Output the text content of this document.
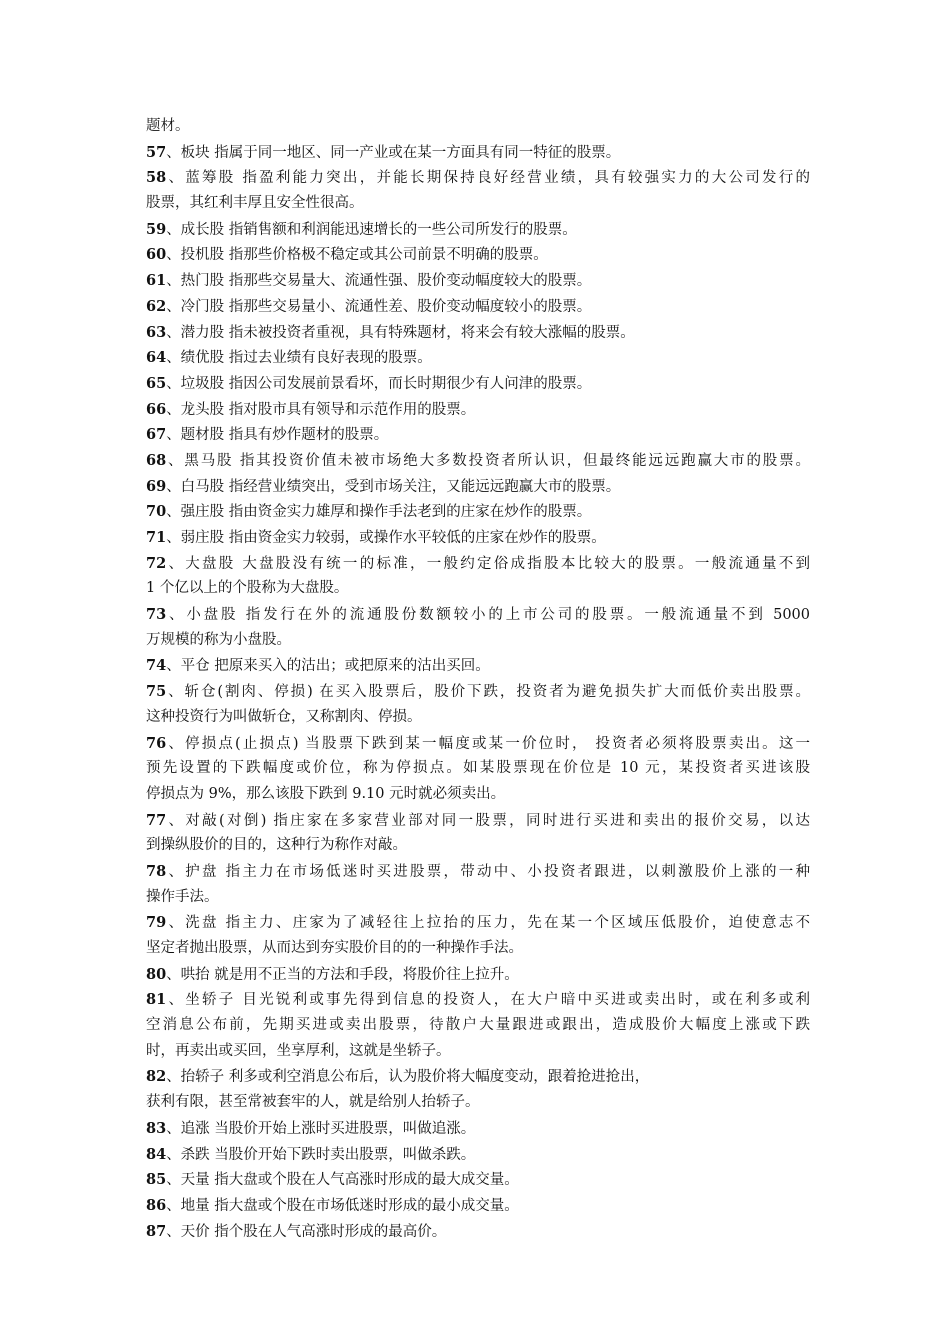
题材。
57、板块 指属于同一地区、同一产业或在某一方面具有同一特征的股票。
58、蓝筹股 指盈利能力突出，并能长期保持良好经营业绩，具有较强实力的大公司发行的
股票，其红利丰厚且安全性很高。
59、成长股 指销售额和利润能迅速增长的一些公司所发行的股票。
60、投机股 指那些价格极不稳定或其公司前景不明确的股票。
61、热门股 指那些交易量大、流通性强、股价变动幅度较大的股票。
62、冷门股 指那些交易量小、流通性差、股价变动幅度较小的股票。
63、潜力股 指未被投资者重视，具有特殊题材，将来会有较大涨幅的股票。
64、绩优股 指过去业绩有良好表现的股票。
65、垃圾股 指因公司发展前景看坏，而长时期很少有人问津的股票。
66、龙头股 指对股市具有领导和示范作用的股票。
67、题材股 指具有炒作题材的股票。
68、黑马股 指其投资价值未被市场绝大多数投资者所认识，但最终能远远跑赢大市的股票。
69、白马股 指经营业绩突出，受到市场关注，又能远远跑赢大市的股票。
70、强庄股 指由资金实力雄厚和操作手法老到的庄家在炒作的股票。
71、弱庄股 指由资金实力较弱，或操作水平较低的庄家在炒作的股票。
72、大盘股 大盘股没有统一的标准，一般约定俗成指股本比较大的股票。一般流通量不到
1 个亿以上的个股称为大盘股。
73、小盘股 指发行在外的流通股份数额较小的上市公司的股票。一般流通量不到 5000
万规模的称为小盘股。
74、平仓 把原来买入的沽出；或把原来的沽出买回。
75、斩仓(割肉、停损) 在买入股票后，股价下跌，投资者为避免损失扩大而低价卖出股票。
这种投资行为叫做斩仓，又称割肉、停损。
76、停损点(止损点) 当股票下跌到某一幅度或某一价位时， 投资者必须将股票卖出。这一
预先设置的下跌幅度或价位，称为停损点。如某股票现在价位是 10 元，某投资者买进该股
停损点为 9%，那么该股下跌到 9.10 元时就必须卖出。
77、对敲(对倒) 指庄家在多家营业部对同一股票，同时进行买进和卖出的报价交易，以达
到操纵股价的目的，这种行为称作对敲。
78、护盘 指主力在市场低迷时买进股票，带动中、小投资者跟进，以刺激股价上涨的一种
操作手法。
79、洗盘 指主力、庄家为了减轻往上拉抬的压力，先在某一个区域压低股价，迫使意志不
坚定者抛出股票，从而达到夯实股价目的的一种操作手法。
80、哄抬 就是用不正当的方法和手段，将股价往上拉升。
81、坐轿子 目光锐利或事先得到信息的投资人，在大户暗中买进或卖出时，或在利多或利
空消息公布前，先期买进或卖出股票，待散户大量跟进或跟出，造成股价大幅度上涨或下跌
时，再卖出或买回，坐享厚利，这就是坐轿子。
82、抬轿子 利多或利空消息公布后，认为股价将大幅度变动，跟着抢进抢出，
获利有限，甚至常被套牢的人，就是给别人抬轿子。
83、追涨 当股价开始上涨时买进股票，叫做追涨。
84、杀跌 当股价开始下跌时卖出股票，叫做杀跌。
85、天量 指大盘或个股在人气高涨时形成的最大成交量。
86、地量 指大盘或个股在市场低迷时形成的最小成交量。
87、天价 指个股在人气高涨时形成的最高价。
